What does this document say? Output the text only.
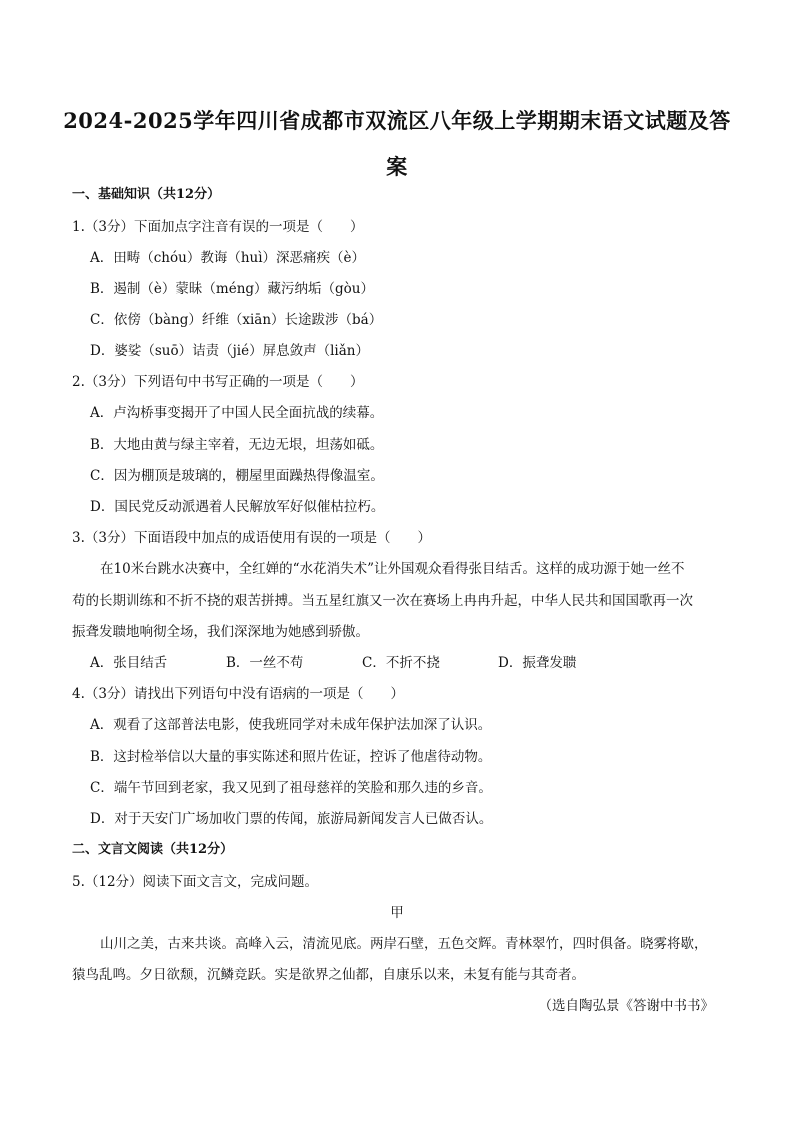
2024-2025学年四川省成都市双流区八年级上学期期末语文试题及答案
一、基础知识（共12分）
1.（3分）下面加点字注音有误的一项是（　　）
A．田畴（chóu）教诲（huì）深恶痛疾（è）
B．遏制（è）蒙昧（méng）藏污纳垢（gòu）
C．依傍（bàng）纤维（xiān）长途跋涉（bá）
D．婆娑（suō）诘责（jié）屏息敛声（liǎn）
2.（3分）下列语句中书写正确的一项是（　　）
A．卢沟桥事变揭开了中国人民全面抗战的续幕。
B．大地由黄与绿主宰着，无边无垠，坦荡如砥。
C．因为棚顶是玻璃的，棚屋里面躁热得像温室。
D．国民党反动派遇着人民解放军好似催枯拉朽。
3.（3分）下面语段中加点的成语使用有误的一项是（　　）
在10米台跳水决赛中，全红婵的“水花消失术”让外国观众看得张目结舌。这样的成功源于她一丝不
苟的长期训练和不折不挠的艰苦拼搏。当五星红旗又一次在赛场上冉冉升起，中华人民共和国国歌再一次
振聋发聩地响彻全场，我们深深地为她感到骄傲。
A．张目结舌	B．一丝不苟	C．不折不挠	D．振聋发聩
4.（3分）请找出下列语句中没有语病的一项是（　　）
A．观看了这部普法电影，使我班同学对未成年保护法加深了认识。
B．这封检举信以大量的事实陈述和照片佐证，控诉了他虐待动物。
C．端午节回到老家，我又见到了祖母慈祥的笑脸和那久违的乡音。
D．对于天安门广场加收门票的传闻，旅游局新闻发言人已做否认。
二、文言文阅读（共12分）
5.（12分）阅读下面文言文，完成问题。
甲
山川之美，古来共谈。高峰入云，清流见底。两岸石壁，五色交辉。青林翠竹，四时俱备。晓雾将歇，
猿鸟乱鸣。夕日欲颓，沉鳞竞跃。实是欲界之仙都，自康乐以来，未复有能与其奇者。
（选自陶弘景《答谢中书书》
